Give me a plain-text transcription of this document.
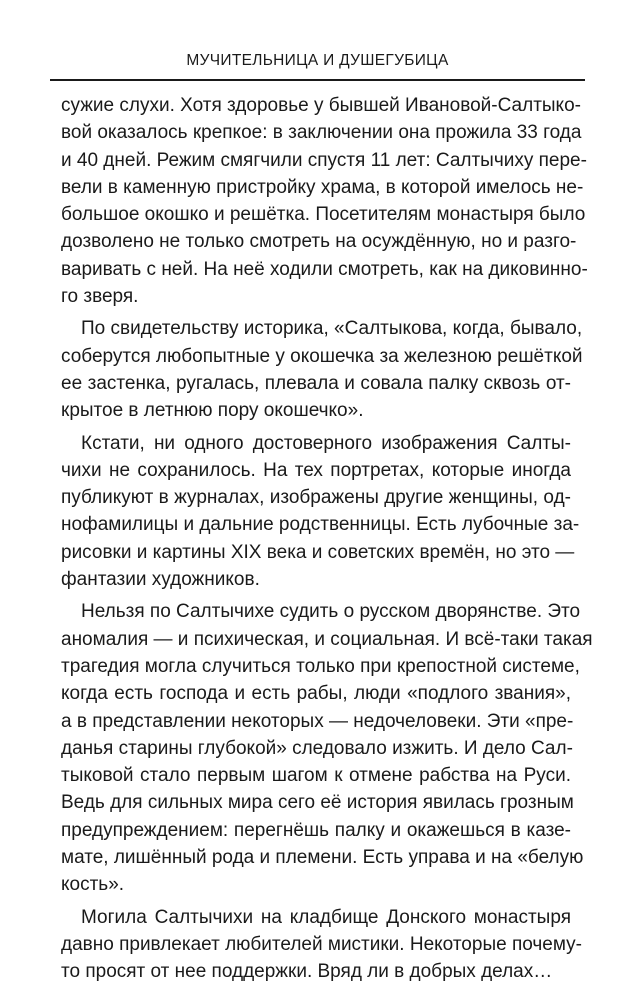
МУЧИТЕЛЬНИЦА И ДУШЕГУБИЦА
сужие слухи. Хотя здоровье у бывшей Ивановой-Салтыко-
вой оказалось крепкое: в заключении она прожила 33 года
и 40 дней. Режим смягчили спустя 11 лет: Салтычиху пере-
вели в каменную пристройку храма, в которой имелось не-
большое окошко и решётка. Посетителям монастыря было
дозволено не только смотреть на осуждённую, но и разго-
варивать с ней. На неё ходили смотреть, как на диковинно-
го зверя.
По свидетельству историка, «Салтыкова, когда, бывало,
соберутся любопытные у окошечка за железною решёткой
ее застенка, ругалась, плевала и совала палку сквозь от-
крытое в летнюю пору окошечко».
Кстати, ни одного достоверного изображения Салты-
чихи не сохранилось. На тех портретах, которые иногда
публикуют в журналах, изображены другие женщины, од-
нофамилицы и дальние родственницы. Есть лубочные за-
рисовки и картины XIX века и советских времён, но это —
фантазии художников.
Нельзя по Салтычихе судить о русском дворянстве. Это
аномалия — и психическая, и социальная. И всё-таки такая
трагедия могла случиться только при крепостной системе,
когда есть господа и есть рабы, люди «подлого звания»,
а в представлении некоторых — недочеловеки. Эти «пре-
данья старины глубокой» следовало изжить. И дело Сал-
тыковой стало первым шагом к отмене рабства на Руси.
Ведь для сильных мира сего её история явилась грозным
предупреждением: перегнёшь палку и окажешься в казе-
мате, лишённый рода и племени. Есть управа и на «белую
кость».
Могила Салтычихи на кладбище Донского монастыря
давно привлекает любителей мистики. Некоторые почему-
то просят от нее поддержки. Вряд ли в добрых делах…
